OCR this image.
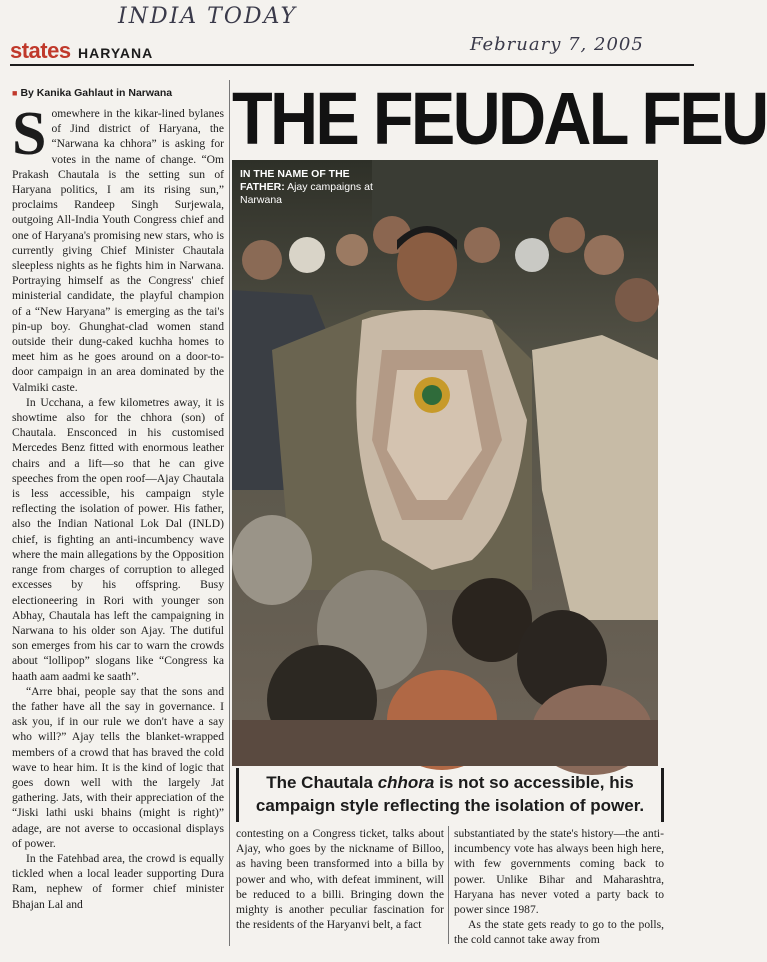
INDIA TODAY
February 7, 2005
states HARYANA
■ By Kanika Gahlaut in Narwana
S omewhere in the kikar-lined bylanes of Jind district of Haryana, the “Narwana ka chhora” is asking for votes in the name of change. “Om Prakash Chautala is the setting sun of Haryana politics, I am its rising sun,” proclaims Randeep Singh Surjewala, outgoing All-India Youth Congress chief and one of Haryana's promising new stars, who is currently giving Chief Minister Chautala sleepless nights as he fights him in Narwana. Portraying himself as the Congress' chief ministerial candidate, the playful champion of a “New Haryana” is emerging as the tai's pin-up boy. Ghunghat-clad women stand outside their dung-caked kuchha homes to meet him as he goes around on a door-to-door campaign in an area dominated by the Valmiki caste.

In Ucchana, a few kilometres away, it is showtime also for the chhora (son) of Chautala. Ensconced in his customised Mercedes Benz fitted with enormous leather chairs and a lift—so that he can give speeches from the open roof—Ajay Chautala is less accessible, his campaign style reflecting the isolation of power. His father, also the Indian National Lok Dal (INLD) chief, is fighting an anti-incumbency wave where the main allegations by the Opposition range from charges of corruption to alleged excesses by his offspring. Busy electioneering in Rori with younger son Abhay, Chautala has left the campaigning in Narwana to his older son Ajay. The dutiful son emerges from his car to warn the crowds about “lollipop” slogans like “Congress ka haath aam aadmi ke saath”.

“Arre bhai, people say that the sons and the father have all the say in governance. I ask you, if in our rule we don't have a say who will?” Ajay tells the blanket-wrapped members of a crowd that has braved the cold wave to hear him. It is the kind of logic that goes down well with the largely Jat gathering. Jats, with their appreciation of the “Jiski lathi uski bhains (might is right)” adage, are not averse to occasional displays of power.

In the Fatehbad area, the crowd is equally tickled when a local leader supporting Dura Ram, nephew of former chief minister Bhajan Lal and

THE FEUDAL FEU
IN THE NAME OF THE FATHER: Ajay campaigns at Narwana
The Chautala chhora is not so accessible, his campaign style reflecting the isolation of power.

contesting on a Congress ticket, talks about Ajay, who goes by the nickname of Billoo, as having been transformed into a billa by power and who, with defeat imminent, will be reduced to a billi. Bringing down the mighty is another peculiar fascination for the residents of the Haryanvi belt, a fact

substantiated by the state's history—the anti-incumbency vote has always been high here, with few governments coming back to power. Unlike Bihar and Maharashtra, Haryana has never voted a party back to power since 1987.

As the state gets ready to go to the polls, the cold cannot take away from
